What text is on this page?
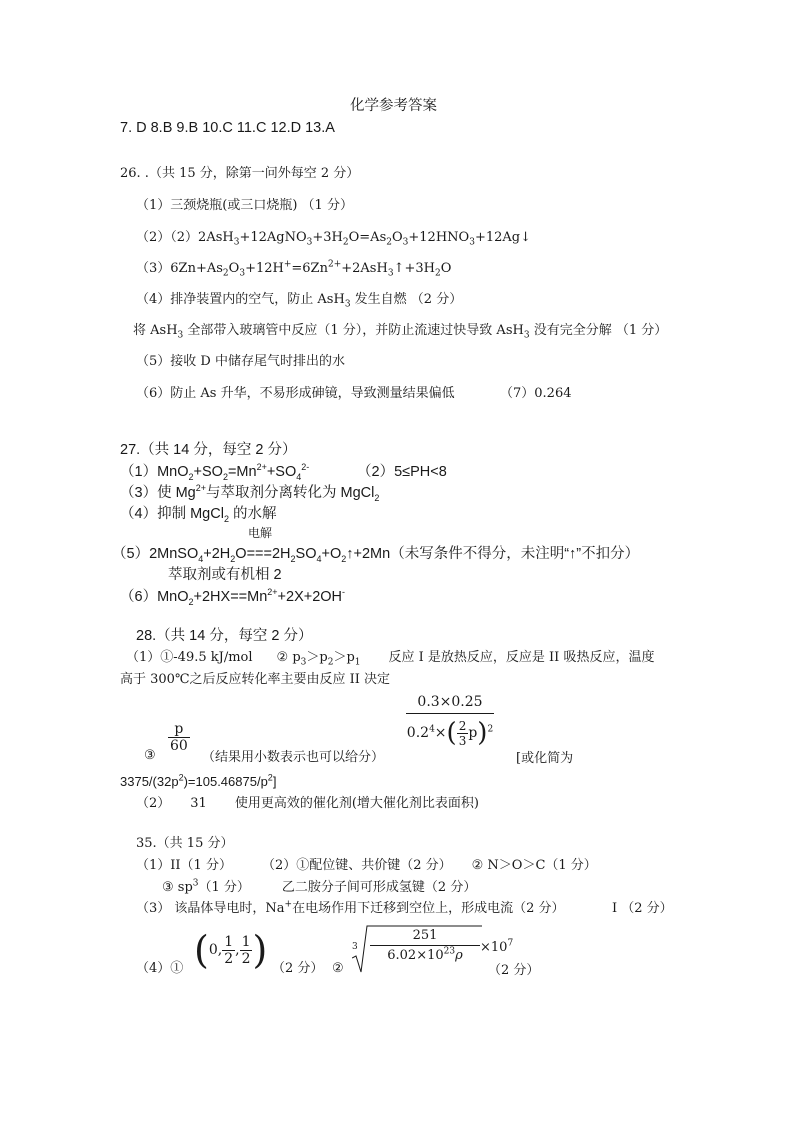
化学参考答案
7. D 8.B 9.B 10.C 11.C 12.D 13.A
26. .（共 15 分，除第一问外每空 2 分）
（1）三颈烧瓶(或三口烧瓶) （1 分）
$(2)(2)2AsH_3+12AgNO_3+3H_2O=As_2O_3+12HNO_3+12Ag↓$
$(3)6Zn+As_2O_3+12H^+=6Zn^{2+}+2AsH_3↑+3H_2O$
（4）排净装置内的空气，防止 AsH$_3$ 发生自燃 （2 分）
将 AsH$_3$ 全部带入玻璃管中反应（1 分），并防止流速过快导致 AsH$_3$ 没有完全分解 （1 分）
（5）接收 D 中储存尾气时排出的水
（6）防止 As 升华，不易形成砷镜，导致测量结果偏低	（7）0.264
27.（共 14 分，每空 2 分）
$(1)MnO_2+SO_2=Mn^{2+}+SO_4^{2-}$	（2）5≤PH<8
（3）使 $Mg^{2+}$与萃取剂分离转化为 MgCl$_2$
（4）抑制 MgCl$_2$ 的水解
电解
$(5)2MnSO_4+2H_2O===2H_2SO_4+O_2↑+2Mn$（未写条件不得分，未注明“↑”不扣分）
萃取剂或有机相 2
$(6)MnO_2+2HX==Mn^{2+}+2X+2OH^-$
28.（共 14 分，每空 2 分）
（1）①-49.5 kJ/mol ② $p_3>p_2>p_1$ 反应 I 是放热反应，反应是 II 吸热反应，温度
高于 300℃之后反应转化率主要由反应 II 决定
③
$\frac{p}{60}$
（结果用小数表示也可以给分）
$\frac{0.3\times 0.25}{0.2^4\times( \frac{2}{3} p)^2}$
[或化简为
$3375/(32p^2)=105.46875/p^2$]
（2） 31 使用更高效的催化剂(增大催化剂比表面积)
35.（共 15 分）
（1）II（1 分） （2）①配位键、共价键（2 分） ② N＞O＞C（1 分）
③ $sp^3(1$ 分） 乙二胺分子间可形成氢键（2 分）
（3） 该晶体导电时，Na+在电场作用下迁移到空位上，形成电流（2 分）	I （2 分）
（4）① (0, $\frac{1}{2}$ , $\frac{1}{2}$ ) （2 分） ②
$3 \frac{251}{6.02\times 10^{23}\rho} \times 10^7$
（2 分）
